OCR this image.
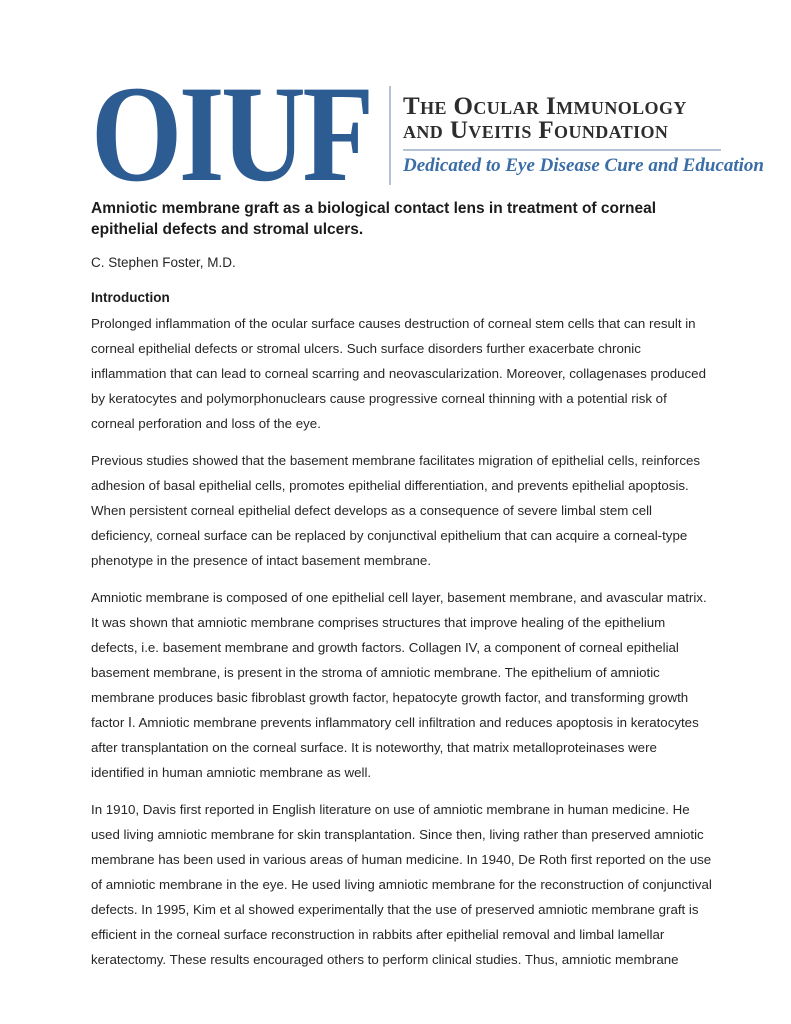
OIUF The Ocular Immunology
and Uveitis Foundation
Dedicated to Eye Disease Cure and Education
Amniotic membrane graft as a biological contact lens in treatment of corneal epithelial defects and stromal ulcers.

C. Stephen Foster, M.D.

Introduction

Prolonged inflammation of the ocular surface causes destruction of corneal stem cells that can result in corneal epithelial defects or stromal ulcers. Such surface disorders further exacerbate chronic inflammation that can lead to corneal scarring and neovascularization. Moreover, collagenases produced by keratocytes and polymorphonuclears cause progressive corneal thinning with a potential risk of corneal perforation and loss of the eye.

Previous studies showed that the basement membrane facilitates migration of epithelial cells, reinforces adhesion of basal epithelial cells, promotes epithelial differentiation, and prevents epithelial apoptosis. When persistent corneal epithelial defect develops as a consequence of severe limbal stem cell deficiency, corneal surface can be replaced by conjunctival epithelium that can acquire a corneal-type phenotype in the presence of intact basement membrane.

Amniotic membrane is composed of one epithelial cell layer, basement membrane, and avascular matrix. It was shown that amniotic membrane comprises structures that improve healing of the epithelium defects, i.e. basement membrane and growth factors. Collagen IV, a component of corneal epithelial basement membrane, is present in the stroma of amniotic membrane. The epithelium of amniotic membrane produces basic fibroblast growth factor, hepatocyte growth factor, and transforming growth factor Ⅰ. Amniotic membrane prevents inflammatory cell infiltration and reduces apoptosis in keratocytes after transplantation on the corneal surface. It is noteworthy, that matrix metalloproteinases were identified in human amniotic membrane as well.

In 1910, Davis first reported in English literature on use of amniotic membrane in human medicine. He used living amniotic membrane for skin transplantation. Since then, living rather than preserved amniotic membrane has been used in various areas of human medicine. In 1940, De Roth first reported on the use of amniotic membrane in the eye. He used living amniotic membrane for the reconstruction of conjunctival defects. In 1995, Kim et al showed experimentally that the use of preserved amniotic membrane graft is efficient in the corneal surface reconstruction in rabbits after epithelial removal and limbal lamellar keratectomy. These results encouraged others to perform clinical studies. Thus, amniotic membrane
